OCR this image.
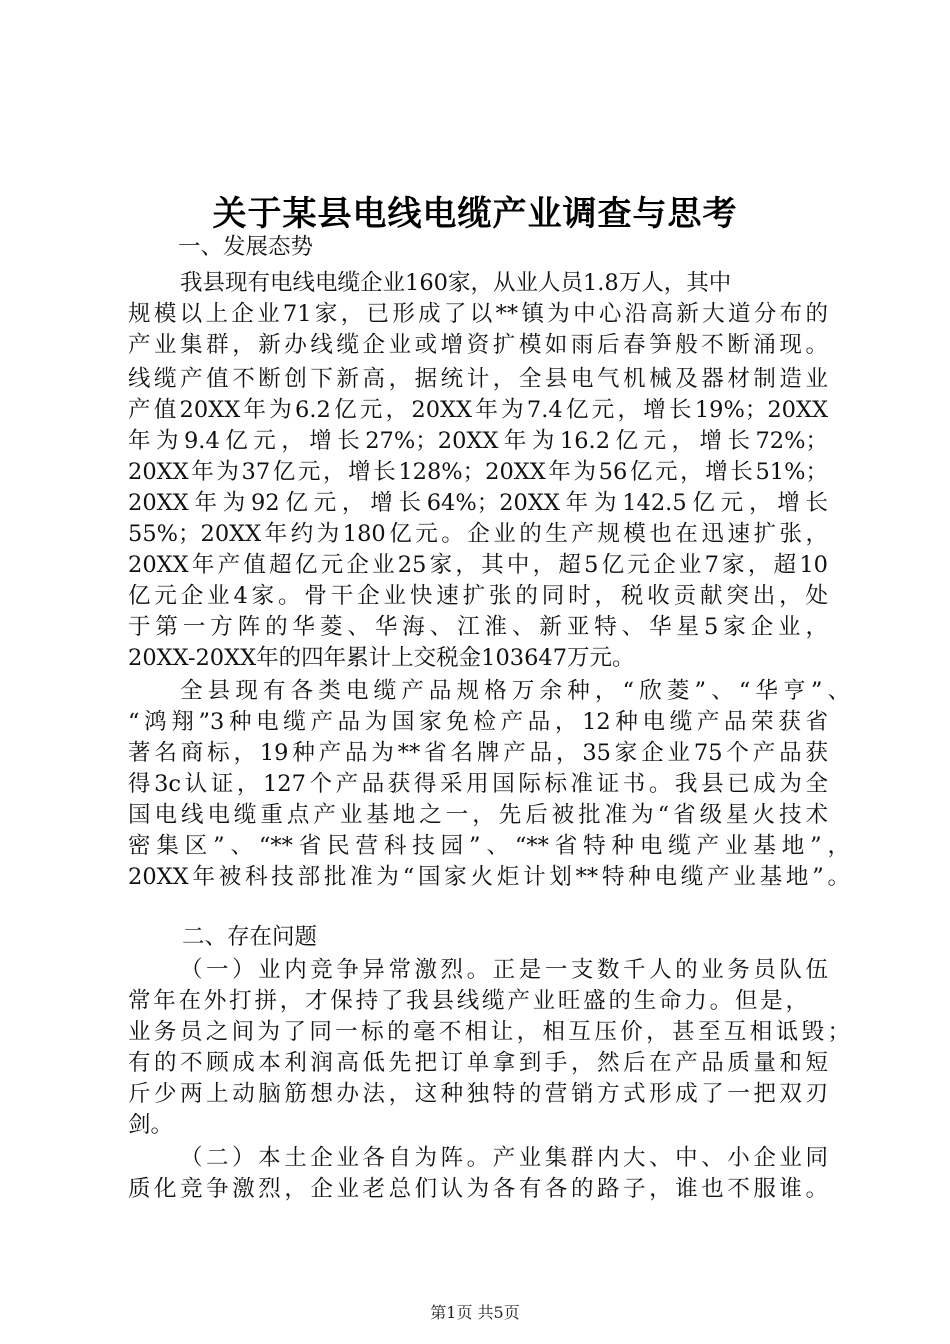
关于某县电线电缆产业调查与思考
一、发展态势
我县现有电线电缆企业160家，从业人员1.8万人，其中
规模以上企业71家，已形成了以**镇为中心沿高新大道分布的
产业集群，新办线缆企业或增资扩模如雨后春笋般不断涌现。
线缆产值不断创下新高，据统计，全县电气机械及器材制造业
产值20XX年为6.2亿元，20XX年为7.4亿元，增长19%；20XX
年为9.4亿元，增长27%；20XX年为16.2亿元，增长72%；
20XX年为37亿元，增长128%；20XX年为56亿元，增长51%；
20XX年为92亿元，增长64%；20XX年为142.5亿元，增长
55%；20XX年约为180亿元。企业的生产规模也在迅速扩张，
20XX年产值超亿元企业25家，其中，超5亿元企业7家，超10
亿元企业4家。骨干企业快速扩张的同时，税收贡献突出，处
于第一方阵的华菱、华海、江淮、新亚特、华星5家企业，
20XX-20XX年的四年累计上交税金103647万元。
全县现有各类电缆产品规格万余种，“欣菱”、“华亨”、
“鸿翔”3种电缆产品为国家免检产品，12种电缆产品荣获省
著名商标，19种产品为**省名牌产品，35家企业75个产品获
得3c认证，127个产品获得采用国际标准证书。我县已成为全
国电线电缆重点产业基地之一，先后被批准为“省级星火技术
密集区”、“**省民营科技园”、“**省特种电缆产业基地”，
20XX年被科技部批准为“国家火炬计划**特种电缆产业基地”。
二、存在问题
（一）业内竞争异常激烈。正是一支数千人的业务员队伍
常年在外打拼，才保持了我县线缆产业旺盛的生命力。但是，
业务员之间为了同一标的毫不相让，相互压价，甚至互相诋毁；
有的不顾成本利润高低先把订单拿到手，然后在产品质量和短
斤少两上动脑筋想办法，这种独特的营销方式形成了一把双刃
剑。
（二）本土企业各自为阵。产业集群内大、中、小企业同
质化竞争激烈，企业老总们认为各有各的路子，谁也不服谁。
第1页 共5页
